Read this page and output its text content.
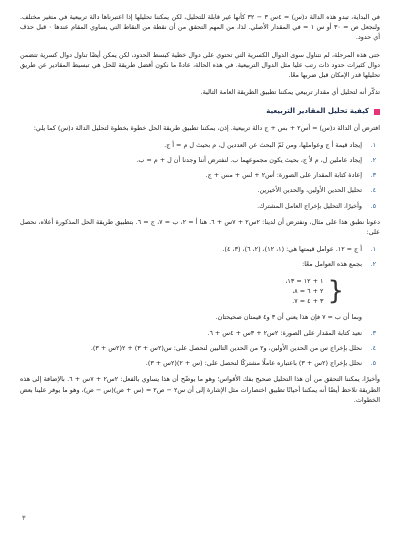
في البداية، تبدو هذه الدالة د(س) = ٤س ٣ − ٣٢ كأنها غير قابلة للتحليل، لكن يمكننا تحليلها إذا اعتبرناها دالة تربيعية في متغير مختلف. ولنجعل ص = ٣٠ أو س ١ = في المقدار الأصلي. لذا، من المهم التحقق من أن نقطة من النقاط التي يساوي المقام عندها ٠ قبل حذف أي حدود.

حتى هذه المرحلة، لم نتناول سوى الدوال الكسرية التي تحتوي على دوال خطية كبسط الحدود، لكن يمكن أيضًا تناول دوال كسرية تتضمن دوال كثيرات حدود ذات رتب عليا مثل الدوال التربيعية. في هذه الحالة، عادةً ما نكون أفضل طريقة للحل هي تبسيط المقادير عن طريق تحليلها قدر الإمكان قبل ضربها معًا.

تذكّر أنه لتحليل أي مقدار تربيعي يمكننا تطبيق الطريقة العامة التالية.

كيفية تحليل المقادير التربيعية

افترض أن الدالة د(س) = أس٢ + بس + ج دالة تربيعية. إذن، يمكننا تطبيق طريقة الحل خطوة بخطوة لتحليل الدالة د(س) كما يلي:

١.
إيجاد قيمة أ ج وعواملها، ومن ثَمّ البحث عن العددين ل، م بحيث ل م = أ ج.
٢.
إيجاد عاملين ل، م لأ ج، بحيث يكون مجموعهما ب. لنفترض أننا وجدنا أن ل + م = ب.
٣.
إعادة كتابة المقدار على الصورة: أس٢ + لس + مس + ج.
٤.
تحليل الحدين الأولين، والحدين الأخيرين.
٥.
وأخيرًا، التحليل بإخراج العامل المشترك.

دعونا نطبق هذا على مثال، ونفترض أن لدينا: ٢س٢ + ٧س + ٦. هنا أ = ٢، ب = ٧، ج = ٦. بتطبيق طريقة الحل المذكورة أعلاه، نحصل على:

١.
أ ج = ١٢. عوامل قيمتها هي: (١، ١٢)، (٢، ٦)، (٣، ٤).
٢.
بجمع هذه العوامل معًا:
{
١ + ١٢ = ١٣،
٢ + ٦ = ٨،
٣ + ٤ = ٧.

وبما أن ب = ٧ فإن هذا يعني أن ٣ و٤ قيمتان صحيحتان.

٣.
نعيد كتابة المقدار على الصورة: ٢س٢ + ٣س + ٤س + ٦.
٤.
نحلل بإخراج س من الحدين الأولين، و٢ من الحدين التاليين لنحصل على: س(٢س + ٣) + ٢(٢س + ٣).
٥.
نحلل بإخراج (٢س + ٣) باعتباره عاملًا مشتركًا لنحصل على: (س + ٢)(٢س + ٣).

وأخيرًا، يمكننا التحقق من أن هذا التحليل صحيح بفك الأقواس؛ وهو ما يوضّح أن هذا يساوي بالفعل: ٢س٢ + ٧س + ٦. بالإضافة إلى هذه الطريقة نلاحظ أيضًا أنه يمكننا أحيانًا تطبيق اختصارات مثل الإشارة إلى أن س٢ − ص٢ = (س + ص)(س − ص)، وهو ما يوفر علينا بعض الخطوات.

٣
